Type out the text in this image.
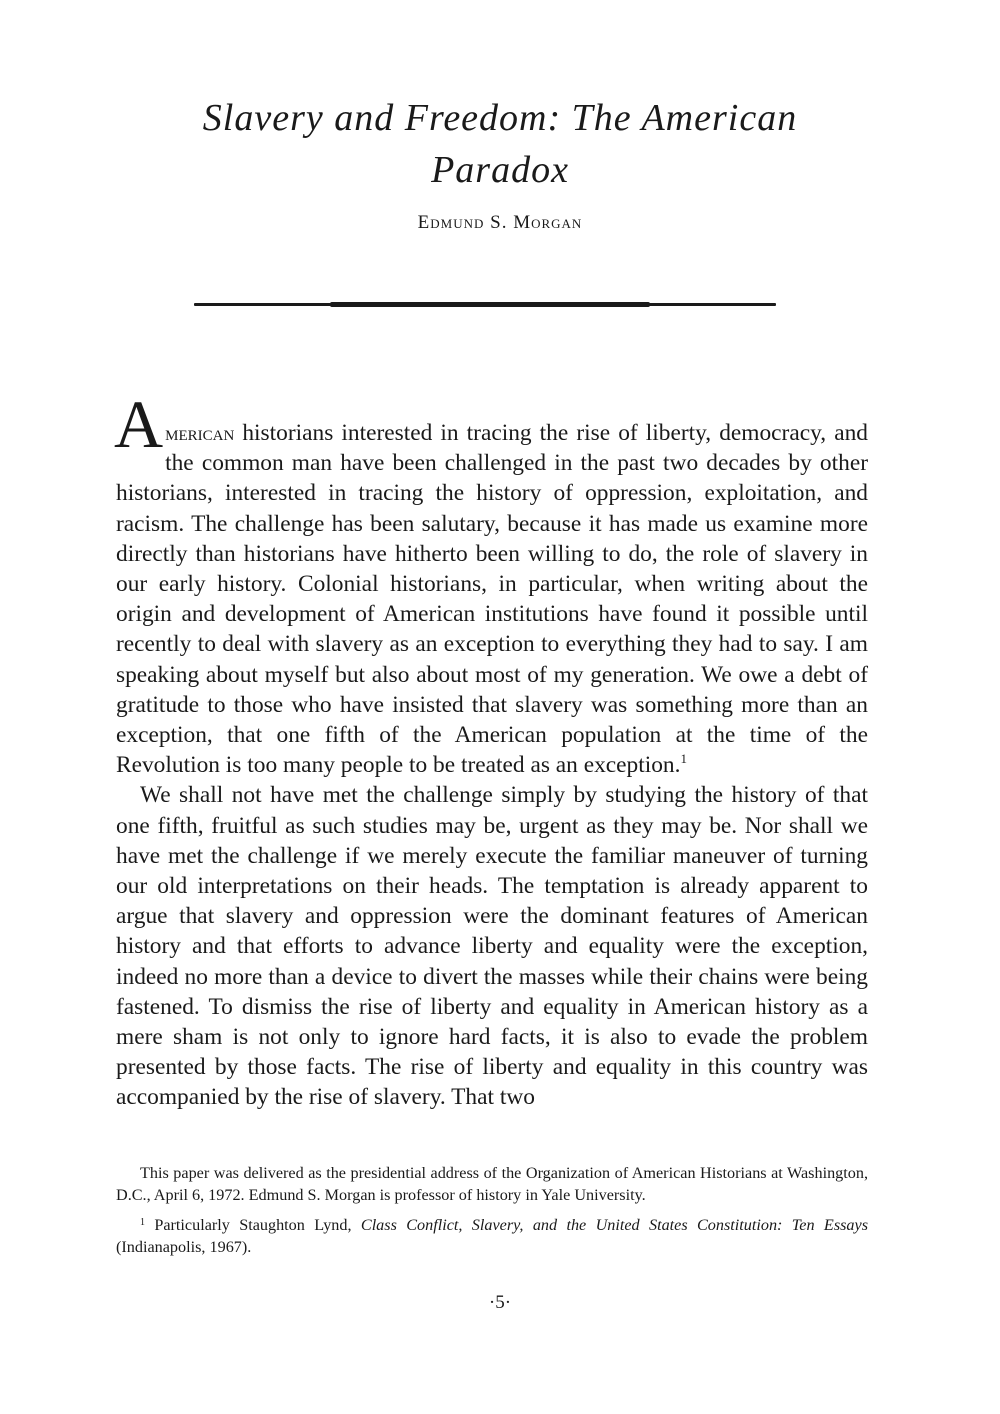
Slavery and Freedom: The American
Paradox
Edmund S. Morgan

American historians interested in tracing the rise of liberty, democracy, and the common man have been challenged in the past two decades by other historians, interested in tracing the history of oppression, exploitation, and racism. The challenge has been salutary, because it has made us examine more directly than historians have hitherto been willing to do, the role of slavery in our early history. Colonial historians, in particular, when writing about the origin and development of American institutions have found it possible until recently to deal with slavery as an exception to everything they had to say. I am speaking about myself but also about most of my generation. We owe a debt of gratitude to those who have insisted that slavery was something more than an exception, that one fifth of the American population at the time of the Revolution is too many people to be treated as an exception.$^1$

We shall not have met the challenge simply by studying the history of that one fifth, fruitful as such studies may be, urgent as they may be. Nor shall we have met the challenge if we merely execute the familiar maneuver of turning our old interpretations on their heads. The temptation is already apparent to argue that slavery and oppression were the dominant features of American history and that efforts to advance liberty and equality were the exception, indeed no more than a device to divert the masses while their chains were being fastened. To dismiss the rise of liberty and equality in American history as a mere sham is not only to ignore hard facts, it is also to evade the problem presented by those facts. The rise of liberty and equality in this country was accompanied by the rise of slavery. That two

This paper was delivered as the presidential address of the Organization of American Historians at Washington, D.C., April 6, 1972. Edmund S. Morgan is professor of history in Yale University.

$^1$ Particularly Staughton Lynd, Class Conflict, Slavery, and the United States Constitution: Ten Essays (Indianapolis, 1967).

·5·
